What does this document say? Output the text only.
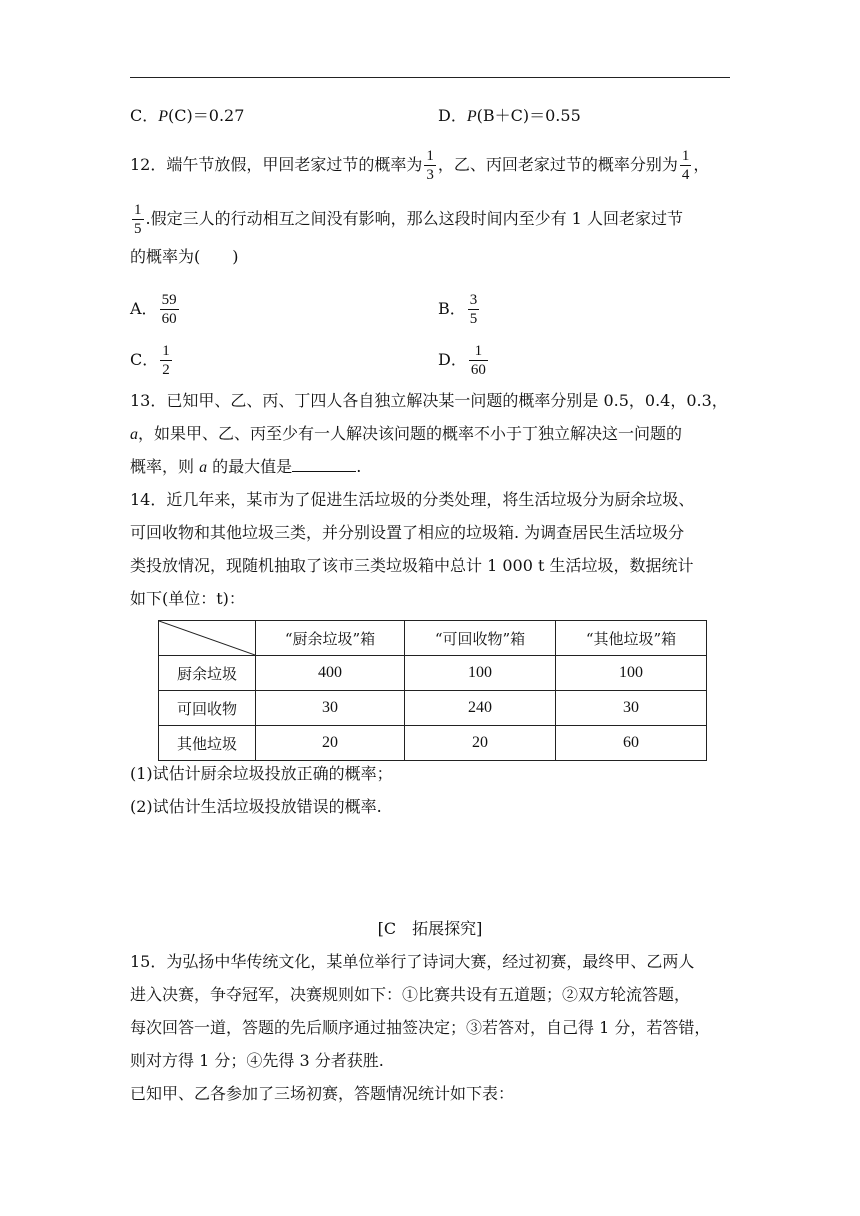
C．P(C)＝0.27	D．P(B＋C)＝0.55
12．端午节放假，甲回老家过节的概率为 $\frac{1}{3}$ ，乙、丙回老家过节的概率分别为 $\frac{1}{4}$ ，
$\frac{1}{5}$ .假定三人的行动相互之间没有影响，那么这段时间内至少有 1 人回老家过节
的概率为(　　)
A． $\frac{59}{60}$	B． $\frac{3}{5}$
C． $\frac{1}{2}$	D． $\frac{1}{60}$
13．已知甲、乙、丙、丁四人各自独立解决某一问题的概率分别是 0.5，0.4，0.3，
a，如果甲、乙、丙至少有一人解决该问题的概率不小于丁独立解决这一问题的
概率，则 a 的最大值是	.
14．近几年来，某市为了促进生活垃圾的分类处理，将生活垃圾分为厨余垃圾、
可回收物和其他垃圾三类，并分别设置了相应的垃圾箱. 为调查居民生活垃圾分
类投放情况，现随机抽取了该市三类垃圾箱中总计 1 000 t 生活垃圾，数据统计
如下(单位：t)：
	“厨余垃圾”箱	“可回收物”箱	“其他垃圾”箱
厨余垃圾	400	100	100
可回收物	30	240	30
其他垃圾	20	20	60
(1)试估计厨余垃圾投放正确的概率；
(2)试估计生活垃圾投放错误的概率.
[C　拓展探究]
15．为弘扬中华传统文化，某单位举行了诗词大赛，经过初赛，最终甲、乙两人
进入决赛，争夺冠军，决赛规则如下：①比赛共设有五道题；②双方轮流答题，
每次回答一道，答题的先后顺序通过抽签决定；③若答对，自己得 1 分，若答错，
则对方得 1 分；④先得 3 分者获胜.
已知甲、乙各参加了三场初赛，答题情况统计如下表：
